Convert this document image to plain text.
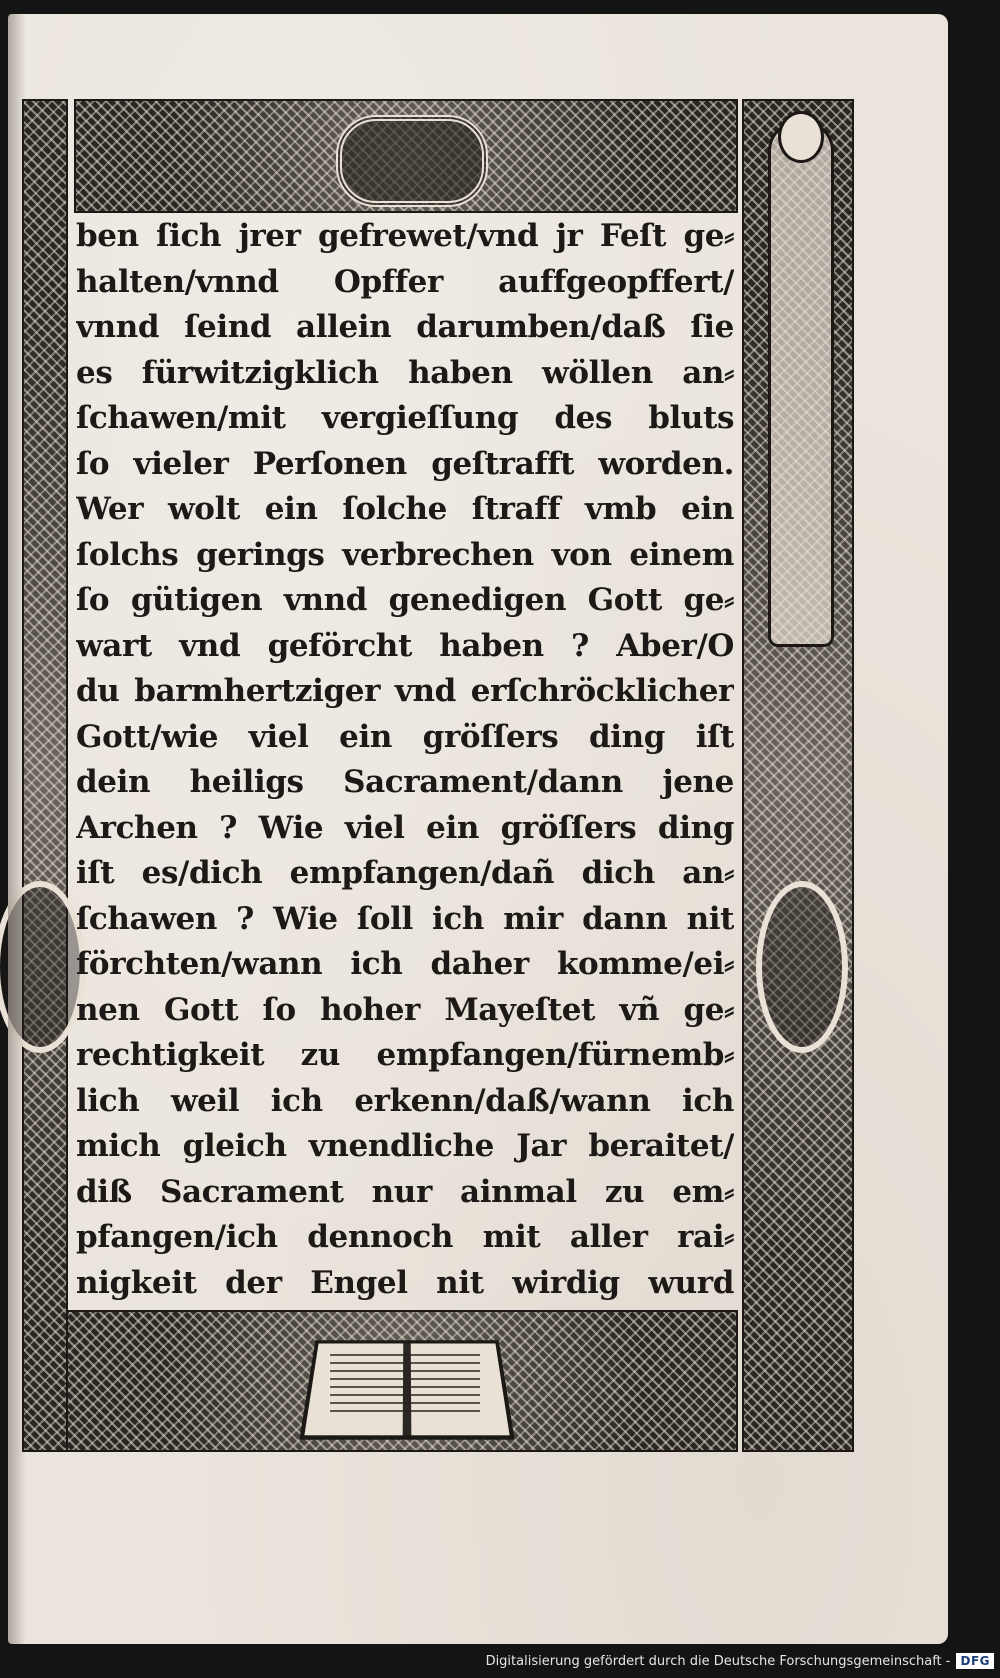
ben ſich jrer gefrewet/vnd jr Feſt ge⸗
halten/vnnd Opffer auffgeopffert/
vnnd ſeind allein darumben/daß ſie
es fürwitzigklich haben wöllen an⸗
ſchawen/mit vergieſſung des bluts
ſo vieler Perſonen geſtrafft worden.
Wer wolt ein ſolche ſtraff vmb ein
ſolchs gerings verbrechen von einem
ſo gütigen vnnd genedigen Gott ge⸗
wart vnd geförcht haben ? Aber/O
du barmhertziger vnd erſchröcklicher
Gott/wie viel ein gröſſers ding iſt
dein heiligs Sacrament/dann jene
Archen ? Wie viel ein gröſſers ding
iſt es/dich empfangen/dañ dich an⸗
ſchawen ? Wie ſoll ich mir dann nit
förchten/wann ich daher komme/ei⸗
nen Gott ſo hoher Mayeſtet vñ ge⸗
rechtigkeit zu empfangen/fürnemb⸗
lich weil ich erkenn/daß/wann ich
mich gleich vnendliche Jar beraitet/
diß Sacrament nur ainmal zu em⸗
pfangen/ich dennoch mit aller rai⸗
nigkeit der Engel nit wirdig wurd
Digitalisierung gefördert durch die Deutsche Forschungsgemeinschaft - DFG
